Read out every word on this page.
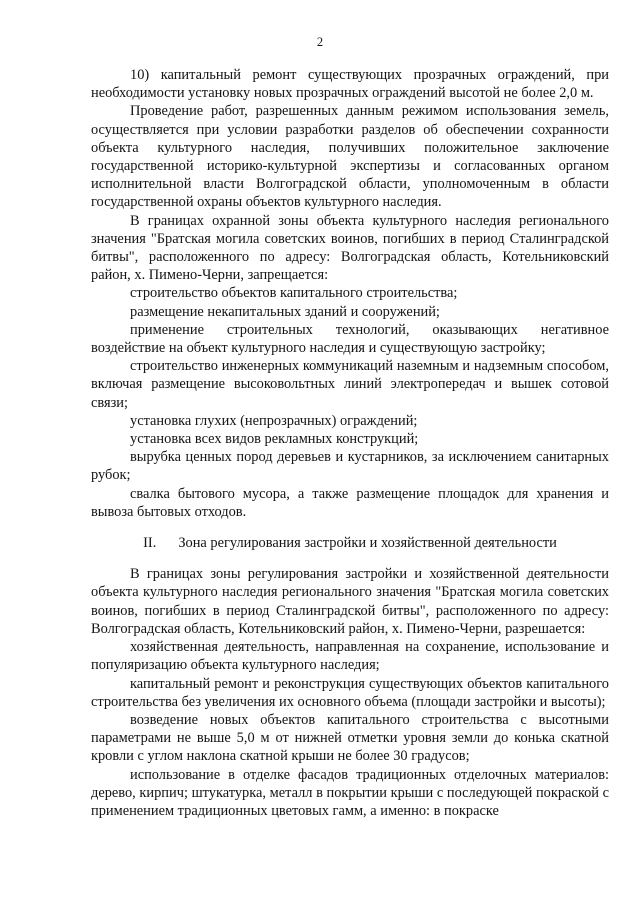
2

10) капитальный ремонт существующих прозрачных ограждений, при необходимости установку новых прозрачных ограждений высотой не более 2,0 м.

Проведение работ, разрешенных данным режимом использования земель, осуществляется при условии разработки разделов об обеспечении сохранности объекта культурного наследия, получивших положительное заключение государственной историко-культурной экспертизы и согласованных органом исполнительной власти Волгоградской области, уполномоченным в области государственной охраны объектов культурного наследия.

В границах охранной зоны объекта культурного наследия регионального значения "Братская могила советских воинов, погибших в период Сталинградской битвы", расположенного по адресу: Волгоградская область, Котельниковский район, х. Пимено-Черни, запрещается:

строительство объектов капитального строительства;

размещение некапитальных зданий и сооружений;

применение строительных технологий, оказывающих негативное воздействие на объект культурного наследия и существующую застройку;

строительство инженерных коммуникаций наземным и надземным способом, включая размещение высоковольтных линий электропередач и вышек сотовой связи;

установка глухих (непрозрачных) ограждений;

установка всех видов рекламных конструкций;

вырубка ценных пород деревьев и кустарников, за исключением санитарных рубок;

свалка бытового мусора, а также размещение площадок для хранения и вывоза бытовых отходов.

II. Зона регулирования застройки и хозяйственной деятельности

В границах зоны регулирования застройки и хозяйственной деятельности объекта культурного наследия регионального значения "Братская могила советских воинов, погибших в период Сталинградской битвы", расположенного по адресу: Волгоградская область, Котельниковский район, х. Пимено-Черни, разрешается:

хозяйственная деятельность, направленная на сохранение, использование и популяризацию объекта культурного наследия;

капитальный ремонт и реконструкция существующих объектов капитального строительства без увеличения их основного объема (площади застройки и высоты);

возведение новых объектов капитального строительства с высотными параметрами не выше 5,0 м от нижней отметки уровня земли до конька скатной кровли с углом наклона скатной крыши не более 30 градусов;

использование в отделке фасадов традиционных отделочных материалов: дерево, кирпич; штукатурка, металл в покрытии крыши с последующей покраской с применением традиционных цветовых гамм, а именно: в покраске
